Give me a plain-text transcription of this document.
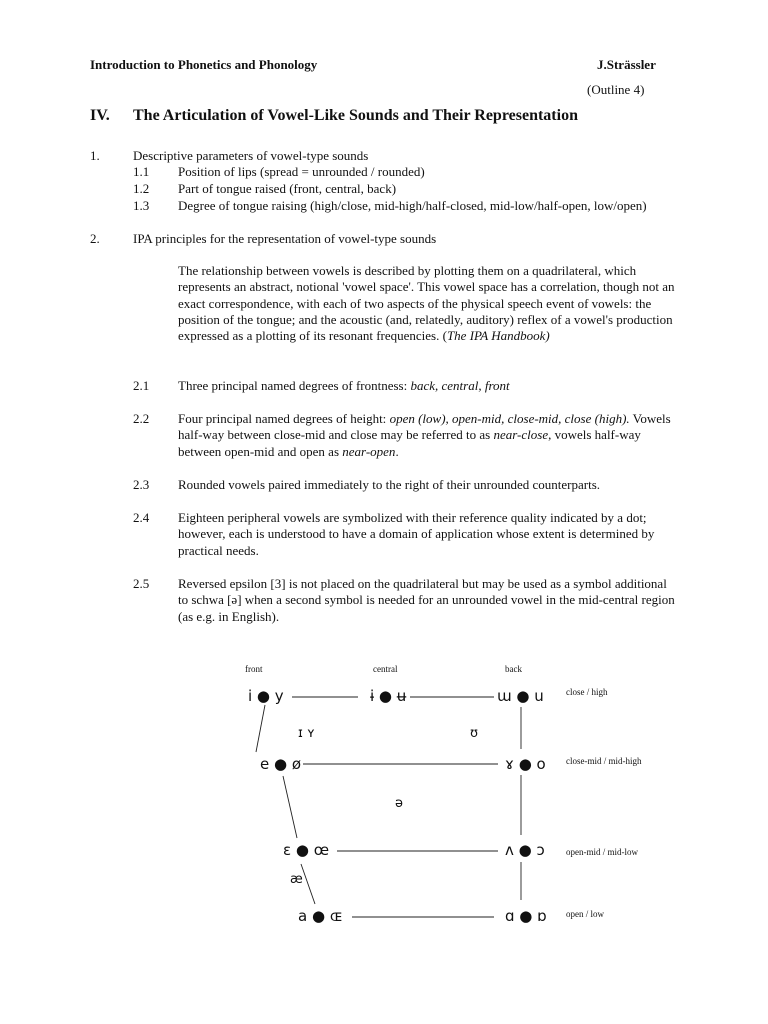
Introduction to Phonetics and Phonology	J.Strässler
(Outline 4)
IV. The Articulation of Vowel-Like Sounds and Their Representation
1.	Descriptive parameters of vowel-type sounds
1.1 Position of lips (spread = unrounded / rounded)
1.2 Part of tongue raised (front, central, back)
1.3 Degree of tongue raising (high/close, mid-high/half-closed, mid-low/half-open, low/open)
2.	IPA principles for the representation of vowel-type sounds
The relationship between vowels is described by plotting them on a quadrilateral, which represents an abstract, notional 'vowel space'. This vowel space has a correlation, though not an exact correspondence, with each of two aspects of the physical speech event of vowels: the position of the tongue; and the acoustic (and, relatedly, auditory) reflex of a vowel's production expressed as a plotting of its resonant frequencies. (The IPA Handbook)
2.1 Three principal named degrees of frontness: back, central, front
2.2 Four principal named degrees of height: open (low), open-mid, close-mid, close (high). Vowels half-way between close-mid and close may be referred to as near-close, vowels half-way between open-mid and open as near-open.
2.3 Rounded vowels paired immediately to the right of their unrounded counterparts.
2.4 Eighteen peripheral vowels are symbolized with their reference quality indicated by a dot; however, each is understood to have a domain of application whose extent is determined by practical needs.
2.5 Reversed epsilon [3] is not placed on the quadrilateral but may be used as a symbol additional to schwa [ə] when a second symbol is needed for an unrounded vowel in the mid-central region (as e.g. in English).
front	central	back
close / high
close-mid / mid-high
open-mid / mid-low
open / low
i ● y	ɨ ● ʉ	ɯ ● u
ɪ ʏ	ʊ
e ● ø	ɤ ● o
ə
ɛ ● œ	ʌ ● ɔ
æ
a ● ɶ	ɑ ● ɒ
